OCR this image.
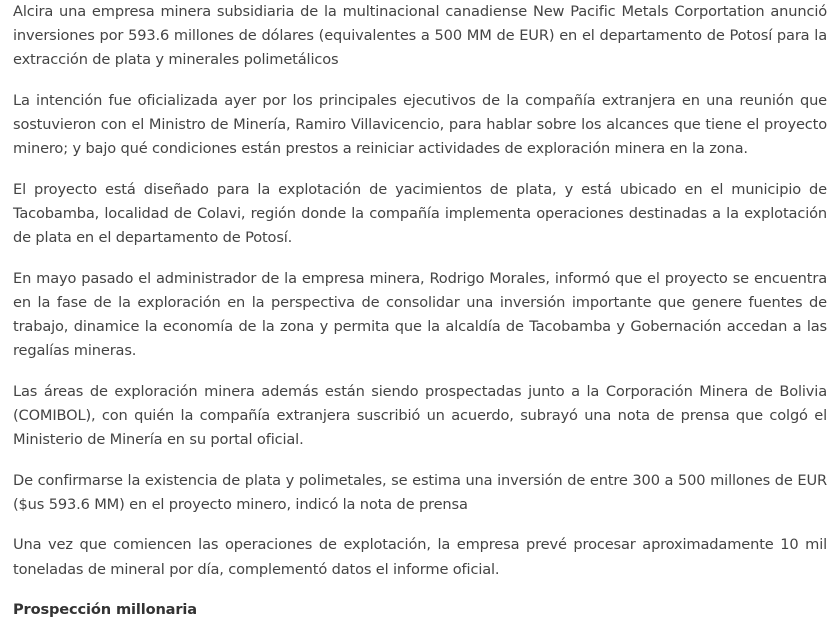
Alcira una empresa minera subsidiaria de la multinacional canadiense New Pacific Metals Corportation anunció inversiones por 593.6 millones de dólares (equivalentes a 500 MM de EUR) en el departamento de Potosí para la extracción de plata y minerales polimetálicos

La intención fue oficializada ayer por los principales ejecutivos de la compañía extranjera en una reunión que sostuvieron con el Ministro de Minería, Ramiro Villavicencio, para hablar sobre los alcances que tiene el proyecto minero; y bajo qué condiciones están prestos a reiniciar actividades de exploración minera en la zona.

El proyecto está diseñado para la explotación de yacimientos de plata, y está ubicado en el municipio de Tacobamba, localidad de Colavi, región donde la compañía implementa operaciones destinadas a la explotación de plata en el departamento de Potosí.

En mayo pasado el administrador de la empresa minera, Rodrigo Morales, informó que el proyecto se encuentra en la fase de la exploración en la perspectiva de consolidar una inversión importante que genere fuentes de trabajo, dinamice la economía de la zona y permita que la alcaldía de Tacobamba y Gobernación accedan a las regalías mineras.

Las áreas de exploración minera además están siendo prospectadas junto a la Corporación Minera de Bolivia (COMIBOL), con quién la compañía extranjera suscribió un acuerdo, subrayó una nota de prensa que colgó el Ministerio de Minería en su portal oficial.

De confirmarse la existencia de plata y polimetales, se estima una inversión de entre 300 a 500 millones de EUR ($us 593.6 MM) en el proyecto minero, indicó la nota de prensa

Una vez que comiencen las operaciones de explotación, la empresa prevé procesar aproximadamente 10 mil toneladas de mineral por día, complementó datos el informe oficial.

Prospección millonaria
